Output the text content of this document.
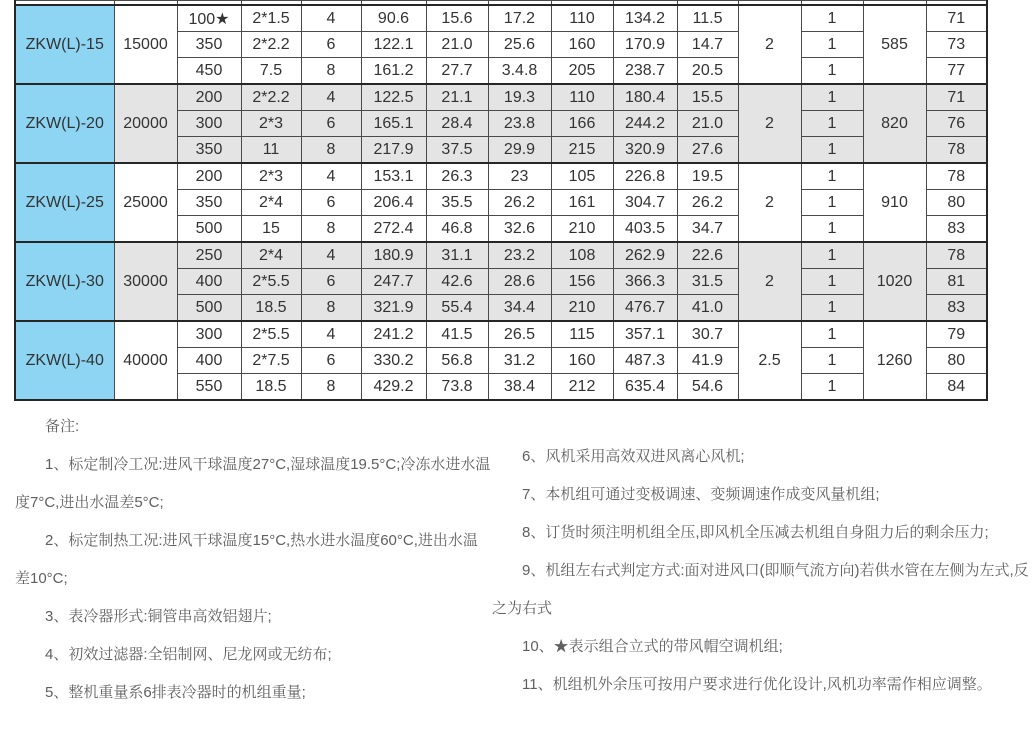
ZKW(L)-15	15000	100★	2*1.5	4	90.6	15.6	17.2	110	134.2	11.5	2	1	585	71
		350	2*2.2	6	122.1	21.0	25.6	160	170.9	14.7		1		73
		450	7.5	8	161.2	27.7	3.4.8	205	238.7	20.5		1		77
ZKW(L)-20	20000	200	2*2.2	4	122.5	21.1	19.3	110	180.4	15.5	2	1	820	71
		300	2*3	6	165.1	28.4	23.8	166	244.2	21.0		1		76
		350	11	8	217.9	37.5	29.9	215	320.9	27.6		1		78
ZKW(L)-25	25000	200	2*3	4	153.1	26.3	23	105	226.8	19.5	2	1	910	78
		350	2*4	6	206.4	35.5	26.2	161	304.7	26.2		1		80
		500	15	8	272.4	46.8	32.6	210	403.5	34.7		1		83
ZKW(L)-30	30000	250	2*4	4	180.9	31.1	23.2	108	262.9	22.6	2	1	1020	78
		400	2*5.5	6	247.7	42.6	28.6	156	366.3	31.5		1		81
		500	18.5	8	321.9	55.4	34.4	210	476.7	41.0		1		83
ZKW(L)-40	40000	300	2*5.5	4	241.2	41.5	26.5	115	357.1	30.7	2.5	1	1260	79
		400	2*7.5	6	330.2	56.8	31.2	160	487.3	41.9		1		80
		550	18.5	8	429.2	73.8	38.4	212	635.4	54.6		1		84

备注:

1、标定制冷工况:进风干球温度27°C,湿球温度19.5°C;冷冻水进水温度7°C,进出水温差5°C;

2、标定制热工况:进风干球温度15°C,热水进水温度60°C,进出水温差10°C;

3、表冷器形式:铜管串高效铝翅片;

4、初效过滤器:全铝制网、尼龙网或无纺布;

5、整机重量系6排表冷器时的机组重量;

6、风机采用高效双进风离心风机;

7、本机组可通过变极调速、变频调速作成变风量机组;

8、订货时须注明机组全压,即风机全压减去机组自身阻力后的剩余压力;

9、机组左右式判定方式:面对进风口(即顺气流方向)若供水管在左侧为左式,反之为右式

10、★表示组合立式的带风帽空调机组;

11、机组机外余压可按用户要求进行优化设计,风机功率需作相应调整。
